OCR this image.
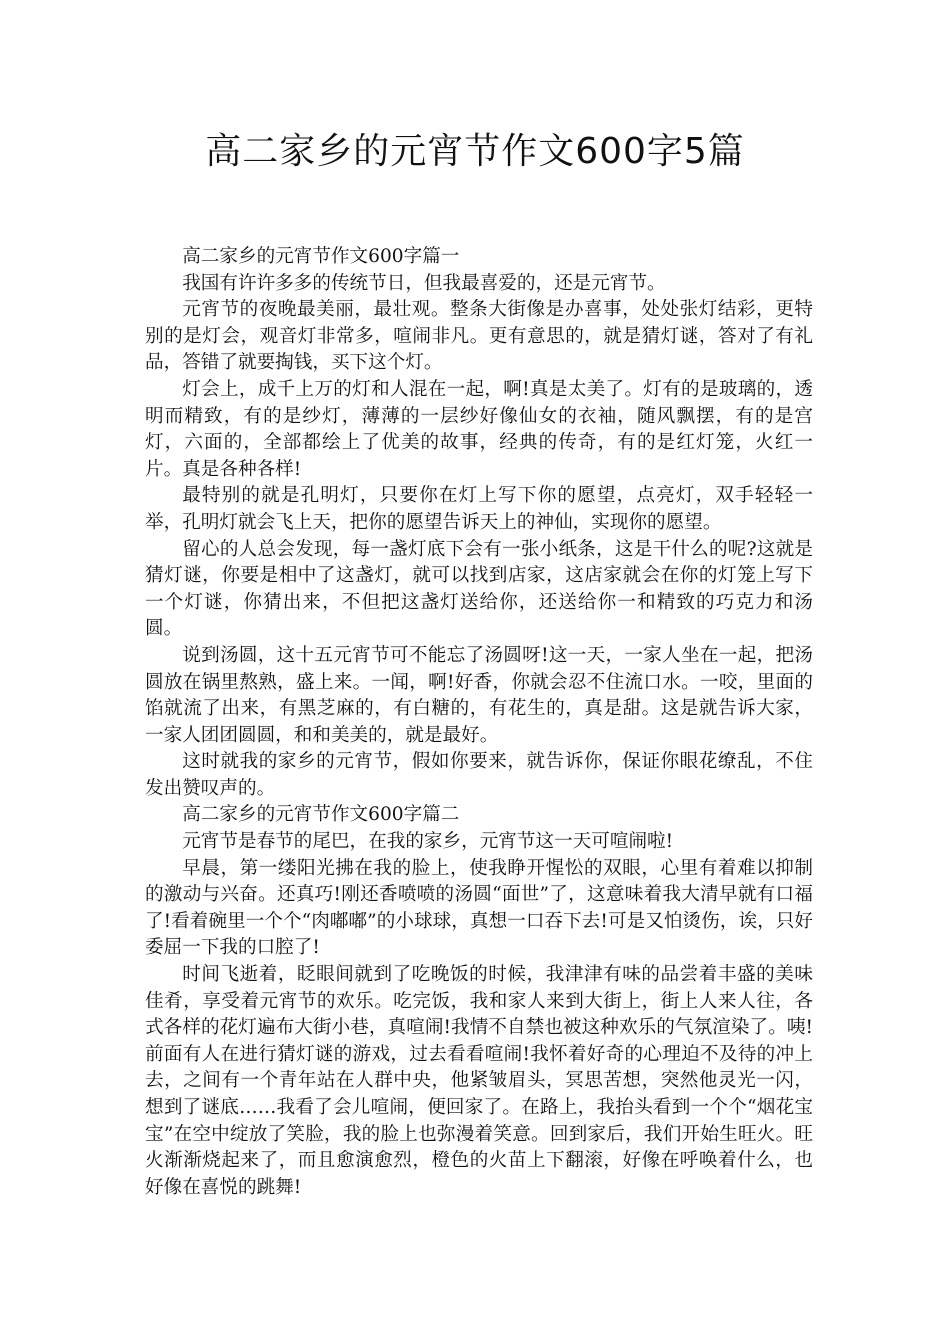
高二家乡的元宵节作文600字5篇

高二家乡的元宵节作文600字篇一

我国有许许多多的传统节日，但我最喜爱的，还是元宵节。

元宵节的夜晚最美丽，最壮观。整条大街像是办喜事，处处张灯结彩，更特别的是灯会，观音灯非常多，喧闹非凡。更有意思的，就是猜灯谜，答对了有礼品，答错了就要掏钱，买下这个灯。

灯会上，成千上万的灯和人混在一起，啊!真是太美了。灯有的是玻璃的，透明而精致，有的是纱灯，薄薄的一层纱好像仙女的衣袖，随风飘摆，有的是宫灯，六面的，全部都绘上了优美的故事，经典的传奇，有的是红灯笼，火红一片。真是各种各样!

最特别的就是孔明灯，只要你在灯上写下你的愿望，点亮灯，双手轻轻一举，孔明灯就会飞上天，把你的愿望告诉天上的神仙，实现你的愿望。

留心的人总会发现，每一盏灯底下会有一张小纸条，这是干什么的呢?这就是猜灯谜，你要是相中了这盏灯，就可以找到店家，这店家就会在你的灯笼上写下一个灯谜，你猜出来，不但把这盏灯送给你，还送给你一和精致的巧克力和汤圆。

说到汤圆，这十五元宵节可不能忘了汤圆呀!这一天，一家人坐在一起，把汤圆放在锅里熬熟，盛上来。一闻，啊!好香，你就会忍不住流口水。一咬，里面的馅就流了出来，有黑芝麻的，有白糖的，有花生的，真是甜。这是就告诉大家，一家人团团圆圆，和和美美的，就是最好。

这时就我的家乡的元宵节，假如你要来，就告诉你，保证你眼花缭乱，不住发出赞叹声的。

高二家乡的元宵节作文600字篇二

元宵节是春节的尾巴，在我的家乡，元宵节这一天可喧闹啦!

早晨，第一缕阳光拂在我的脸上，使我睁开惺忪的双眼，心里有着难以抑制的激动与兴奋。还真巧!刚还香喷喷的汤圆“面世”了，这意味着我大清早就有口福了!看着碗里一个个“肉嘟嘟”的小球球，真想一口吞下去!可是又怕烫伤，诶，只好委屈一下我的口腔了!

时间飞逝着，眨眼间就到了吃晚饭的时候，我津津有味的品尝着丰盛的美味佳肴，享受着元宵节的欢乐。吃完饭，我和家人来到大街上，街上人来人往，各式各样的花灯遍布大街小巷，真喧闹!我情不自禁也被这种欢乐的气氛渲染了。咦!前面有人在进行猜灯谜的游戏，过去看看喧闹!我怀着好奇的心理迫不及待的冲上去，之间有一个青年站在人群中央，他紧皱眉头，冥思苦想，突然他灵光一闪，想到了谜底……我看了会儿喧闹，便回家了。在路上，我抬头看到一个个“烟花宝宝”在空中绽放了笑脸，我的脸上也弥漫着笑意。回到家后，我们开始生旺火。旺火渐渐烧起来了，而且愈演愈烈，橙色的火苗上下翻滚，好像在呼唤着什么，也好像在喜悦的跳舞!
